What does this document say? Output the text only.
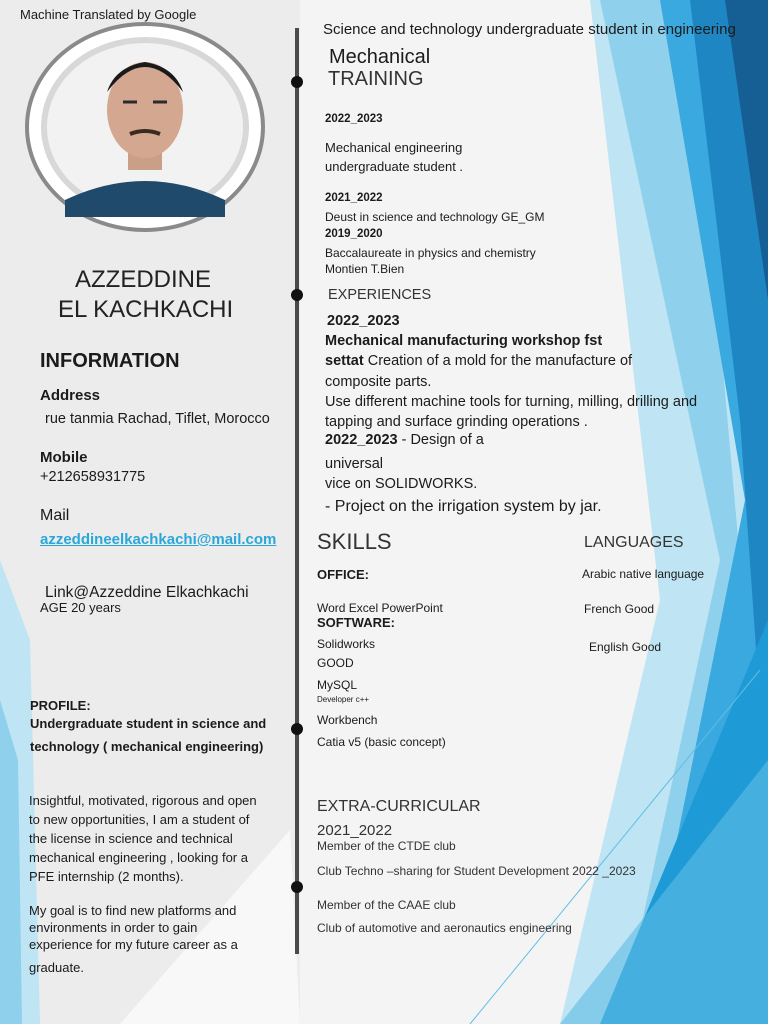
Machine Translated by Google
Science and technology undergraduate student in engineering
AZZEDDINE
EL KACHKACHI
INFORMATION
Address
rue tanmia Rachad, Tiflet, Morocco
Mobile
+212658931775
Mail
azzeddineelkachkachi@mail.com
Link@Azzeddine Elkachkachi
AGE 20 years
PROFILE:
Undergraduate student in science and
technology ( mechanical engineering)
Insightful, motivated, rigorous and open
to new opportunities, I am a student of
the license in science and technical
mechanical engineering , looking for a
PFE internship (2 months).
My goal is to find new platforms and
environments in order to gain
experience for my future career as a
graduate.
Mechanical
TRAINING
2022_2023
Mechanical engineering
undergraduate student .
2021_2022
Deust in science and technology GE_GM
2019_2020
Baccalaureate in physics and chemistry
Montien T.Bien
EXPERIENCES
2022_2023
Mechanical manufacturing workshop fst
settat Creation of a mold for the manufacture of
composite parts.
Use different machine tools for turning, milling, drilling and
tapping and surface grinding operations .
2022_2023 - Design of a
universal
vice on SOLIDWORKS.
- Project on the irrigation system by jar.
SKILLS
OFFICE:
Word Excel PowerPoint
SOFTWARE:
Solidworks
GOOD
MySQL
Developer c++
Workbench
Catia v5 (basic concept)
LANGUAGES
Arabic native language
French Good
English Good
EXTRA-CURRICULAR
2021_2022
Member of the CTDE club
Club Techno –sharing for Student Development 2022 _2023
Member of the CAAE club
Club of automotive and aeronautics engineering
